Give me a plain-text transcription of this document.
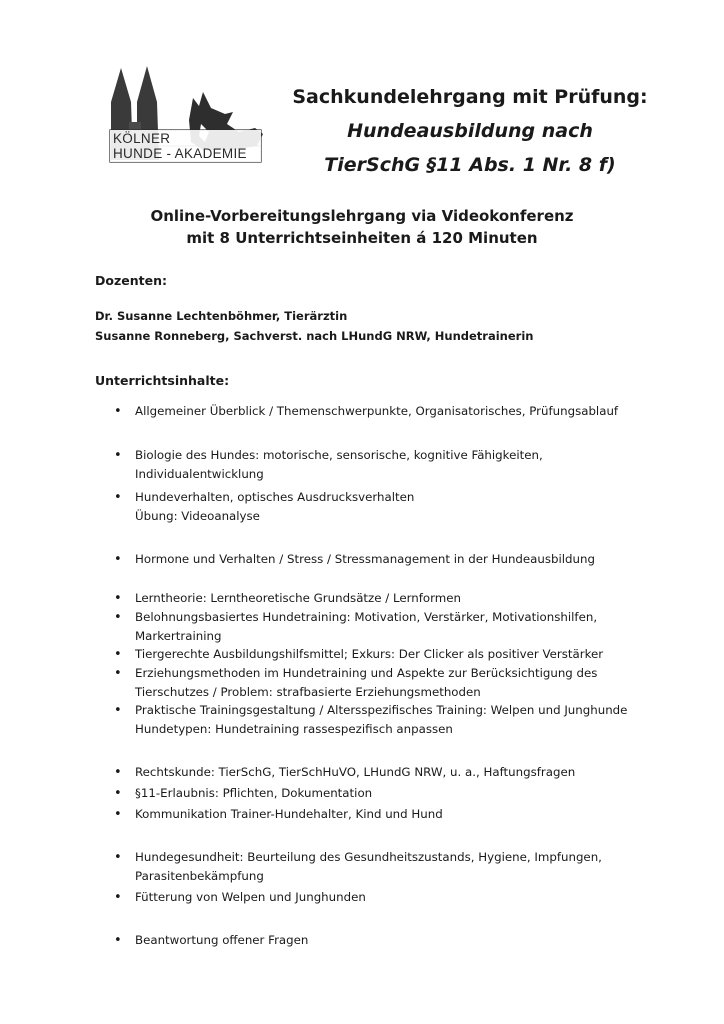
KÖLNER
HUNDE - AKADEMIE
Sachkundelehrgang mit Prüfung:
Hundeausbildung nach
TierSchG §11 Abs. 1 Nr. 8 f)
Online-Vorbereitungslehrgang via Videokonferenz
mit 8 Unterrichtseinheiten á 120 Minuten
Dozenten:
Dr. Susanne Lechtenböhmer, Tierärztin
Susanne Ronneberg, Sachverst. nach LHundG NRW, Hundetrainerin
Unterrichtsinhalte:
•	Allgemeiner Überblick / Themenschwerpunkte, Organisatorisches, Prüfungsablauf
•	Biologie des Hundes: motorische, sensorische, kognitive Fähigkeiten,
Individualentwicklung
•	Hundeverhalten, optisches Ausdrucksverhalten
Übung: Videoanalyse
•	Hormone und Verhalten / Stress / Stressmanagement in der Hundeausbildung
•	Lerntheorie: Lerntheoretische Grundsätze / Lernformen
•	Belohnungsbasiertes Hundetraining: Motivation, Verstärker, Motivationshilfen,
Markertraining
•	Tiergerechte Ausbildungshilfsmittel; Exkurs: Der Clicker als positiver Verstärker
•	Erziehungsmethoden im Hundetraining und Aspekte zur Berücksichtigung des
Tierschutzes / Problem: strafbasierte Erziehungsmethoden
•	Praktische Trainingsgestaltung / Altersspezifisches Training: Welpen und Junghunde
Hundetypen: Hundetraining rassespezifisch anpassen
•	Rechtskunde: TierSchG, TierSchHuVO, LHundG NRW, u. a., Haftungsfragen
•	§11-Erlaubnis: Pflichten, Dokumentation
•	Kommunikation Trainer-Hundehalter, Kind und Hund
•	Hundegesundheit: Beurteilung des Gesundheitszustands, Hygiene, Impfungen,
Parasitenbekämpfung
•	Fütterung von Welpen und Junghunden
•	Beantwortung offener Fragen
